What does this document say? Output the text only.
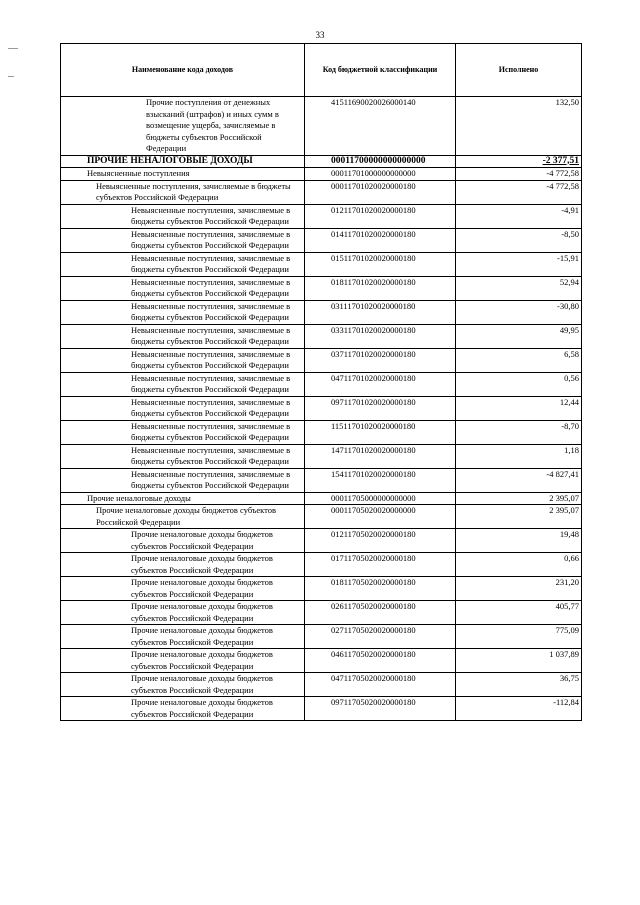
33
Наименование кода доходов	Код бюджетной классификации	Исполнено
Прочие поступления от денежных взысканий (штрафов) и иных сумм в возмещение ущерба, зачисляемые в бюджеты субъектов Российской Федерации	41511690020026000140	132,50
ПРОЧИЕ НЕНАЛОГОВЫЕ ДОХОДЫ	00011700000000000000	-2 377,51
Невыясненные поступления	00011701000000000000	-4 772,58
Невыясненные поступления, зачисляемые в бюджеты субъектов Российской Федерации	00011701020020000180	-4 772,58
Невыясненные поступления, зачисляемые в бюджеты субъектов Российской Федерации	01211701020020000180	-4,91
Невыясненные поступления, зачисляемые в бюджеты субъектов Российской Федерации	01411701020020000180	-8,50
Невыясненные поступления, зачисляемые в бюджеты субъектов Российской Федерации	01511701020020000180	-15,91
Невыясненные поступления, зачисляемые в бюджеты субъектов Российской Федерации	01811701020020000180	52,94
Невыясненные поступления, зачисляемые в бюджеты субъектов Российской Федерации	03111701020020000180	-30,80
Невыясненные поступления, зачисляемые в бюджеты субъектов Российской Федерации	03311701020020000180	49,95
Невыясненные поступления, зачисляемые в бюджеты субъектов Российской Федерации	03711701020020000180	6,58
Невыясненные поступления, зачисляемые в бюджеты субъектов Российской Федерации	04711701020020000180	0,56
Невыясненные поступления, зачисляемые в бюджеты субъектов Российской Федерации	09711701020020000180	12,44
Невыясненные поступления, зачисляемые в бюджеты субъектов Российской Федерации	11511701020020000180	-8,70
Невыясненные поступления, зачисляемые в бюджеты субъектов Российской Федерации	14711701020020000180	1,18
Невыясненные поступления, зачисляемые в бюджеты субъектов Российской Федерации	15411701020020000180	-4 827,41
Прочие неналоговые доходы	00011705000000000000	2 395,07
Прочие неналоговые доходы бюджетов субъектов Российской Федерации	00011705020020000000	2 395,07
Прочие неналоговые доходы бюджетов субъектов Российской Федерации	01211705020020000180	19,48
Прочие неналоговые доходы бюджетов субъектов Российской Федерации	01711705020020000180	0,66
Прочие неналоговые доходы бюджетов субъектов Российской Федерации	01811705020020000180	231,20
Прочие неналоговые доходы бюджетов субъектов Российской Федерации	02611705020020000180	405,77
Прочие неналоговые доходы бюджетов субъектов Российской Федерации	02711705020020000180	775,09
Прочие неналоговые доходы бюджетов субъектов Российской Федерации	04611705020020000180	1 037,89
Прочие неналоговые доходы бюджетов субъектов Российской Федерации	04711705020020000180	36,75
Прочие неналоговые доходы бюджетов субъектов Российской Федерации	09711705020020000180	-112,84
